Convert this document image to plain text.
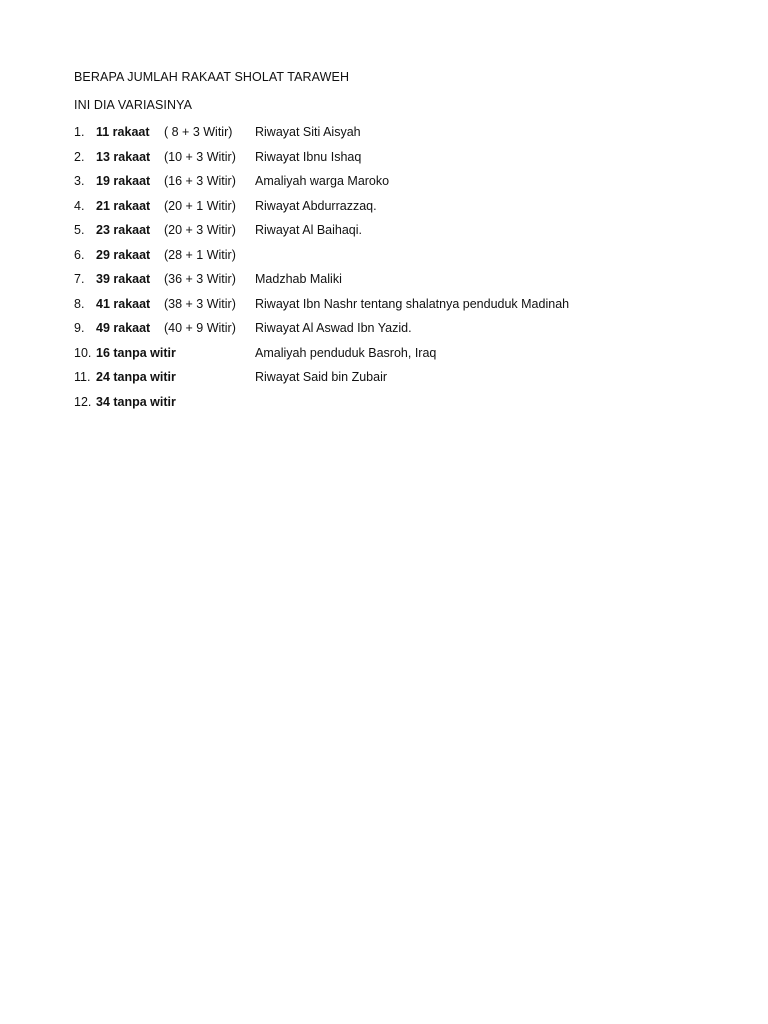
BERAPA JUMLAH RAKAAT SHOLAT TARAWEH
INI DIA VARIASINYA
1. 11 rakaat ( 8 + 3 Witir) Riwayat Siti Aisyah
2. 13 rakaat (10 + 3 Witir) Riwayat Ibnu Ishaq
3. 19 rakaat (16 + 3 Witir) Amaliyah warga Maroko
4. 21 rakaat (20 + 1 Witir) Riwayat Abdurrazzaq.
5. 23 rakaat (20 + 3 Witir) Riwayat Al Baihaqi.
6. 29 rakaat (28 + 1 Witir)
7. 39 rakaat (36 + 3 Witir) Madzhab Maliki
8. 41 rakaat (38 + 3 Witir) Riwayat Ibn Nashr tentang shalatnya penduduk Madinah
9. 49 rakaat (40 + 9 Witir) Riwayat Al Aswad Ibn Yazid.
10. 16 tanpa witir	Amaliyah penduduk Basroh, Iraq
11. 24 tanpa witir	Riwayat Said bin Zubair
12. 34 tanpa witir
